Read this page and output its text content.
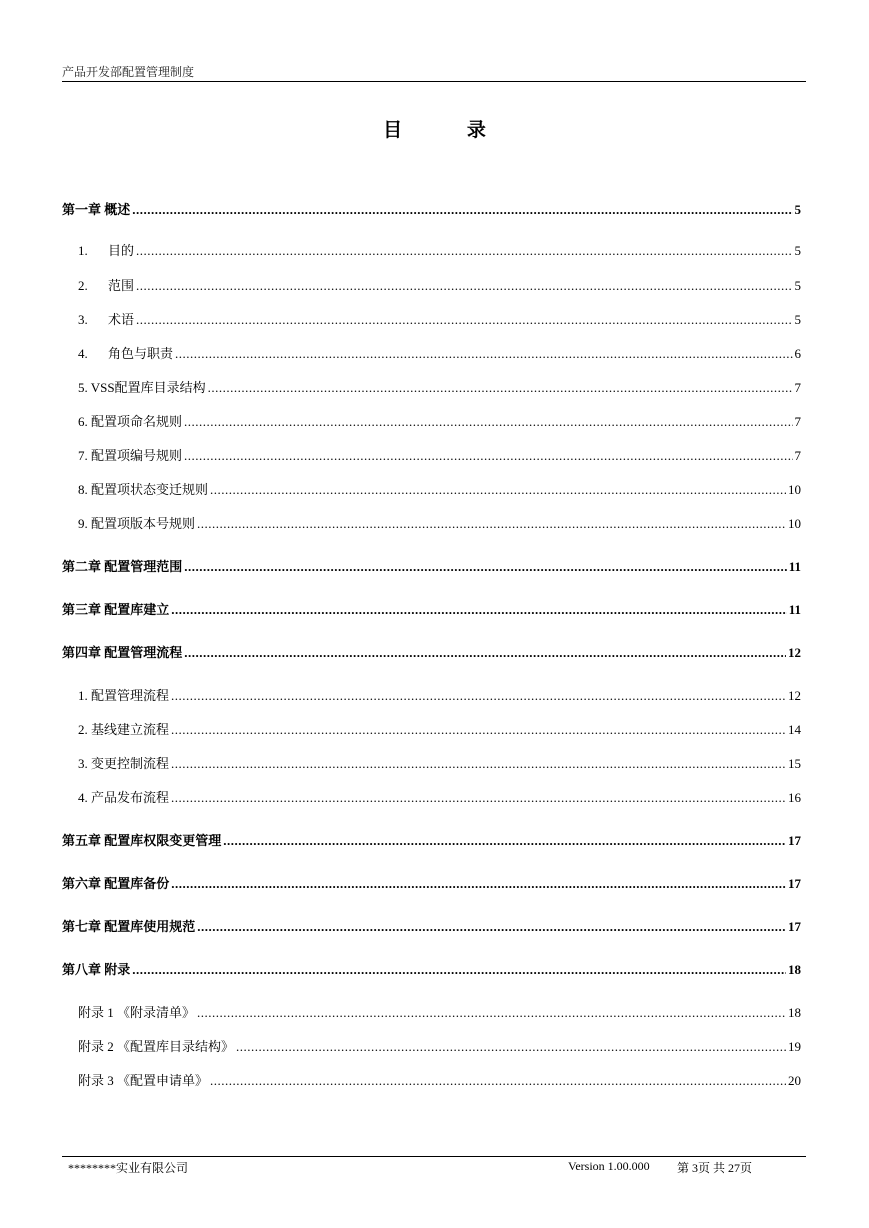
产品开发部配置管理制度
目 录
第一章 概述 .....	5
1. 目的 .....	5
2. 范围 .....	5
3. 术语 .....	5
4. 角色与职责 .....	6
5. VSS配置库目录结构 .....	7
6. 配置项命名规则 .....	7
7. 配置项编号规则 .....	7
8. 配置项状态变迁规则 .....	10
9. 配置项版本号规则 .....	10
第二章 配置管理范围 .....	11
第三章 配置库建立 .....	11
第四章 配置管理流程 .....	12
1. 配置管理流程 .....	12
2. 基线建立流程 .....	14
3. 变更控制流程 .....	15
4. 产品发布流程 .....	16
第五章 配置库权限变更管理 .....	17
第六章 配置库备份 .....	17
第七章 配置库使用规范 .....	17
第八章 附录 .....	18
附录 1 《附录清单》 .....	18
附录 2 《配置库目录结构》 .....	19
附录 3 《配置申请单》 .....	20
********实业有限公司	Version 1.00.000 第 3页 共 27页
